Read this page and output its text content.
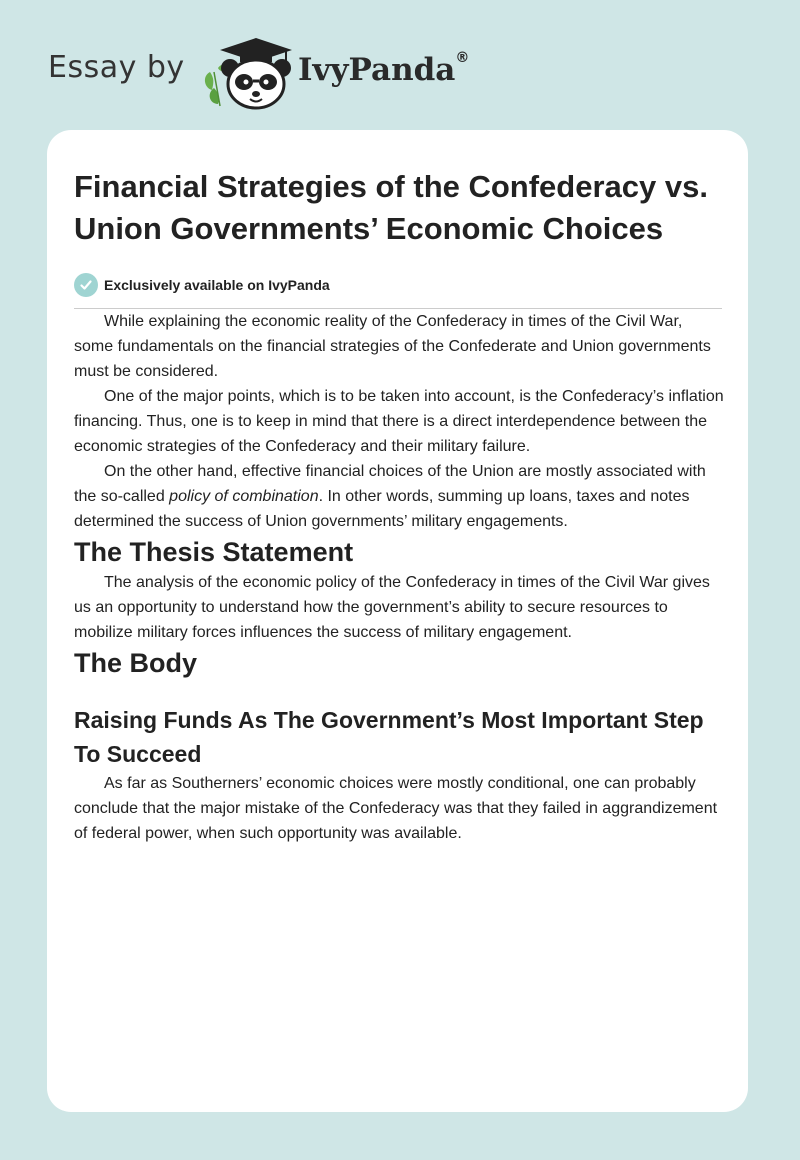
Essay by	IvyPanda®
Financial Strategies of the Confederacy vs. Union Governments’ Economic Choices
Exclusively available on IvyPanda

While explaining the economic reality of the Confederacy in times of the Civil War, some fundamentals on the financial strategies of the Confederate and Union governments must be considered.

One of the major points, which is to be taken into account, is the Confederacy’s inflation financing. Thus, one is to keep in mind that there is a direct interdependence between the economic strategies of the Confederacy and their military failure.

On the other hand, effective financial choices of the Union are mostly associated with the so-called policy of combination. In other words, summing up loans, taxes and notes determined the success of Union governments’ military engagements.

The Thesis Statement

The analysis of the economic policy of the Confederacy in times of the Civil War gives us an opportunity to understand how the government’s ability to secure resources to mobilize military forces influences the success of military engagement.

The Body
Raising Funds As The Government’s Most Important Step To Succeed

As far as Southerners’ economic choices were mostly conditional, one can probably conclude that the major mistake of the Confederacy was that they failed in aggrandizement of federal power, when such opportunity was available.
